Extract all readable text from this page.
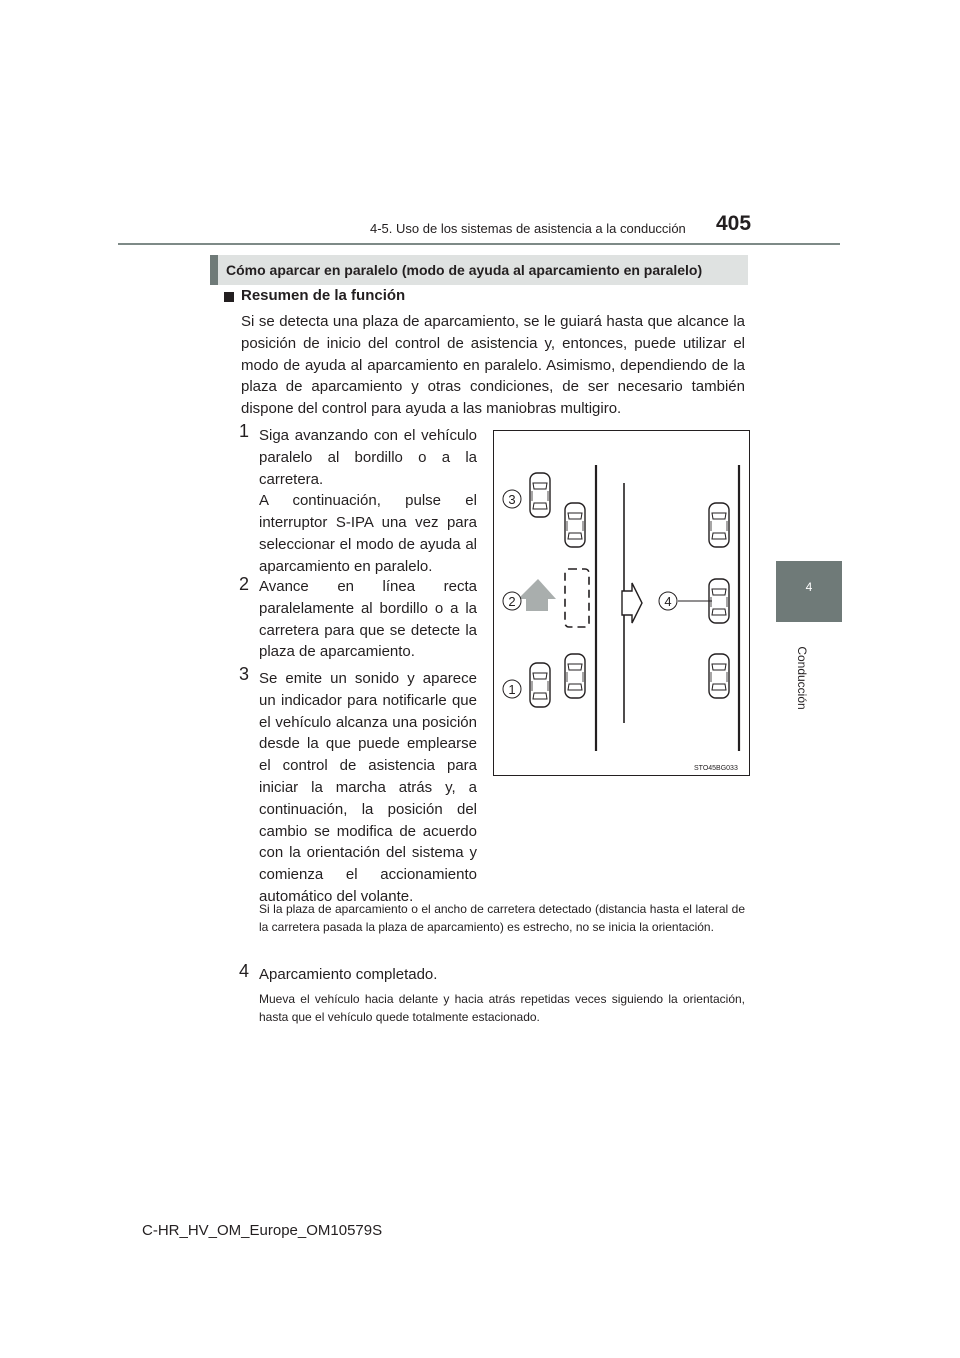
4-5. Uso de los sistemas de asistencia a la conducción 405
4
Conducción
Cómo aparcar en paralelo (modo de ayuda al aparcamiento en paralelo)
Resumen de la función
Si se detecta una plaza de aparcamiento, se le guiará hasta que alcance la posición de inicio del control de asistencia y, entonces, puede utilizar el modo de ayuda al aparcamiento en paralelo. Asimismo, dependiendo de la plaza de aparcamiento y otras condiciones, de ser necesario también dispone del control para ayuda a las maniobras multigiro.
1 Siga avanzando con el vehículo paralelo al bordillo o a la carretera.
A continuación, pulse el interruptor S-IPA una vez para seleccionar el modo de ayuda al aparcamiento en paralelo.
2 Avance en línea recta paralelamente al bordillo o a la carretera para que se detecte la plaza de aparcamiento.
3 Se emite un sonido y aparece un indicador para notificarle que el vehículo alcanza una posición desde la que puede emplearse el control de asistencia para iniciar la marcha atrás y, a continuación, la posición del cambio se modifica de acuerdo con la orientación del sistema y comienza el accionamiento automático del volante.
Si la plaza de aparcamiento o el ancho de carretera detectado (distancia hasta el lateral de la carretera pasada la plaza de aparcamiento) es estrecho, no se inicia la orientación.
4 Aparcamiento completado.
Mueva el vehículo hacia delante y hacia atrás repetidas veces siguiendo la orientación, hasta que el vehículo quede totalmente estacionado.
3
2
1
4
STO45BG033
C-HR_HV_OM_Europe_OM10579S
